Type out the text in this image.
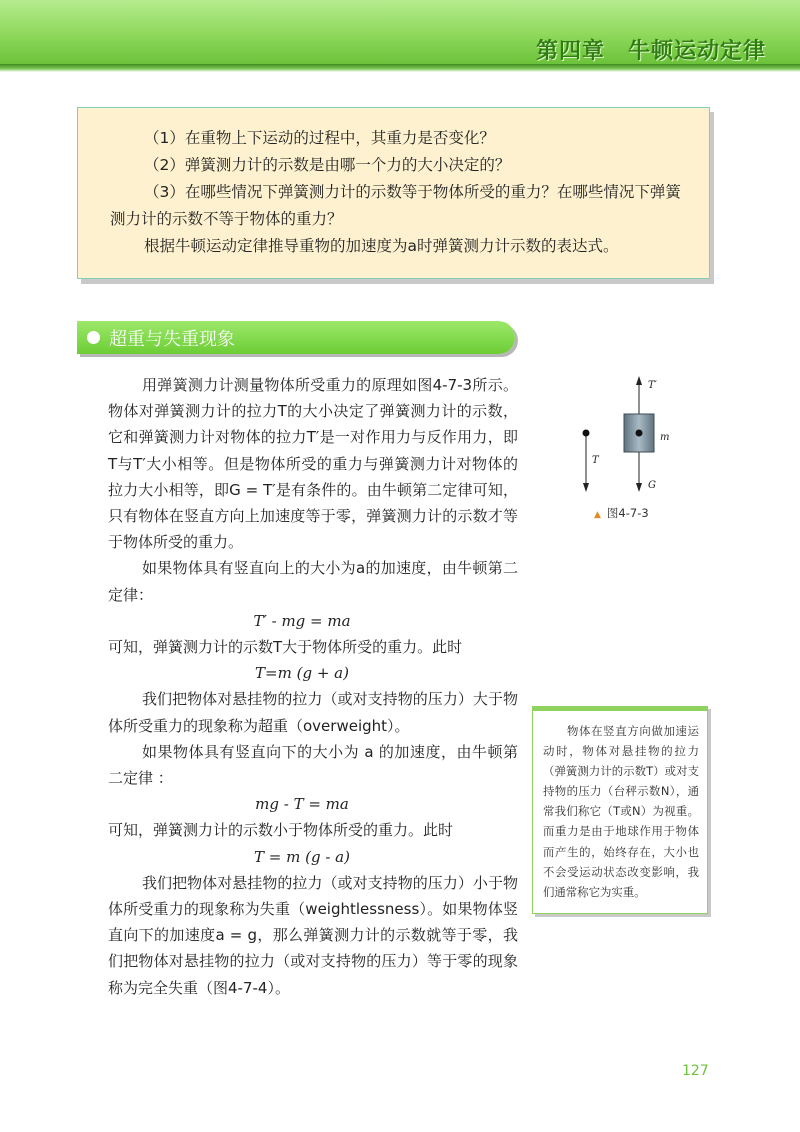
第四章　牛顿运动定律

（1）在重物上下运动的过程中，其重力是否变化？

（2）弹簧测力计的示数是由哪一个力的大小决定的？

（3）在哪些情况下弹簧测力计的示数等于物体所受的重力？在哪些情况下弹簧测力计的示数不等于物体的重力？

根据牛顿运动定律推导重物的加速度为a时弹簧测力计示数的表达式。

超重与失重现象

用弹簧测力计测量物体所受重力的原理如图4-7-3所示。物体对弹簧测力计的拉力T的大小决定了弹簧测力计的示数，它和弹簧测力计对物体的拉力T′是一对作用力与反作用力，即T与T′大小相等。但是物体所受的重力与弹簧测力计对物体的拉力大小相等，即G = T′是有条件的。由牛顿第二定律可知，只有物体在竖直方向上加速度等于零，弹簧测力计的示数才等于物体所受的重力。

如果物体具有竖直向上的大小为a的加速度，由牛顿第二定律：

T′ - mg = ma

可知，弹簧测力计的示数T大于物体所受的重力。此时

T=m (g + a)

我们把物体对悬挂物的拉力（或对支持物的压力）大于物体所受重力的现象称为超重（overweight）。

如果物体具有竖直向下的大小为 a 的加速度，由牛顿第二定律 ：

mg - T = ma

可知，弹簧测力计的示数小于物体所受的重力。此时

T = m (g - a)

我们把物体对悬挂物的拉力（或对支持物的压力）小于物体所受重力的现象称为失重（weightlessness）。如果物体竖直向下的加速度a = g，那么弹簧测力计的示数就等于零，我们把物体对悬挂物的拉力（或对支持物的压力）等于零的现象称为完全失重（图4-7-4）。

T′
m
T
G
▲ 图4-7-3

物体在竖直方向做加速运动时，物体对悬挂物的拉力（弹簧测力计的示数T）或对支持物的压力（台秤示数N），通常我们称它（T或N）为视重。而重力是由于地球作用于物体而产生的，始终存在，大小也不会受运动状态改变影响，我们通常称它为实重。

127
